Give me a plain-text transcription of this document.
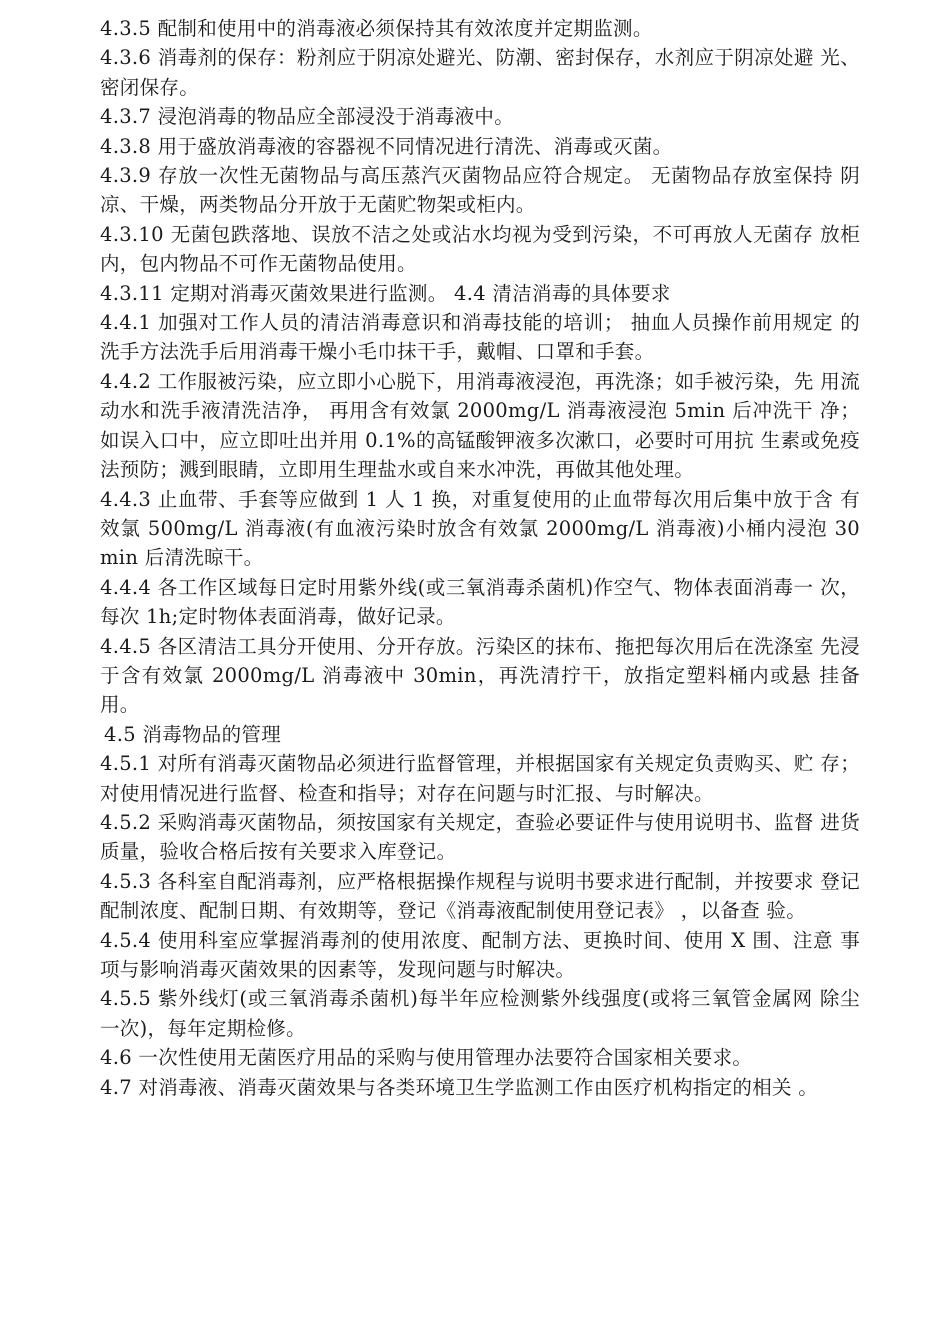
4.3.5 配制和使用中的消毒液必须保持其有效浓度并定期监测。

4.3.6 消毒剂的保存：粉剂应于阴凉处避光、防潮、密封保存，水剂应于阴凉处避 光、密闭保存。

4.3.7 浸泡消毒的物品应全部浸没于消毒液中。

4.3.8 用于盛放消毒液的容器视不同情况进行清洗、消毒或灭菌。

4.3.9 存放一次性无菌物品与高压蒸汽灭菌物品应符合规定。 无菌物品存放室保持 阴凉、干燥，两类物品分开放于无菌贮物架或柜内。

4.3.10 无菌包跌落地、误放不洁之处或沾水均视为受到污染，不可再放人无菌存 放柜内，包内物品不可作无菌物品使用。

4.3.11 定期对消毒灭菌效果进行监测。 4.4 清洁消毒的具体要求

4.4.1 加强对工作人员的清洁消毒意识和消毒技能的培训； 抽血人员操作前用规定 的洗手方法洗手后用消毒干燥小毛巾抹干手，戴帽、口罩和手套。

4.4.2 工作服被污染，应立即小心脱下，用消毒液浸泡，再洗涤；如手被污染，先 用流动水和洗手液清洗洁净， 再用含有效氯 2000mg/L 消毒液浸泡 5min 后冲洗干 净；如误入口中，应立即吐出并用 0.1%的高锰酸钾液多次漱口，必要时可用抗 生素或免疫法预防；溅到眼睛，立即用生理盐水或自来水冲洗，再做其他处理。

4.4.3 止血带、手套等应做到 1 人 1 换，对重复使用的止血带每次用后集中放于含 有效氯 500mg/L 消毒液(有血液污染时放含有效氯 2000mg/L 消毒液)小桶内浸泡 30min 后清洗晾干。

4.4.4 各工作区域每日定时用紫外线(或三氧消毒杀菌机)作空气、物体表面消毒一 次，每次 1h;定时物体表面消毒，做好记录。

4.4.5 各区清洁工具分开使用、分开存放。污染区的抹布、拖把每次用后在洗涤室 先浸于含有效氯 2000mg/L 消毒液中 30min，再洗清拧干，放指定塑料桶内或悬 挂备用。

4.5 消毒物品的管理

4.5.1 对所有消毒灭菌物品必须进行监督管理，并根据国家有关规定负责购买、贮 存；对使用情况进行监督、检查和指导；对存在问题与时汇报、与时解决。

4.5.2 采购消毒灭菌物品，须按国家有关规定，查验必要证件与使用说明书、监督 进货质量，验收合格后按有关要求入库登记。

4.5.3 各科室自配消毒剂，应严格根据操作规程与说明书要求进行配制，并按要求 登记配制浓度、配制日期、有效期等，登记《消毒液配制使用登记表》 ，以备查 验。

4.5.4 使用科室应掌握消毒剂的使用浓度、配制方法、更换时间、使用 X 围、注意 事项与影响消毒灭菌效果的因素等，发现问题与时解决。

4.5.5 紫外线灯(或三氧消毒杀菌机)每半年应检测紫外线强度(或将三氧管金属网 除尘一次)，每年定期检修。

4.6 一次性使用无菌医疗用品的采购与使用管理办法要符合国家相关要求。

4.7 对消毒液、消毒灭菌效果与各类环境卫生学监测工作由医疗机构指定的相关 。
